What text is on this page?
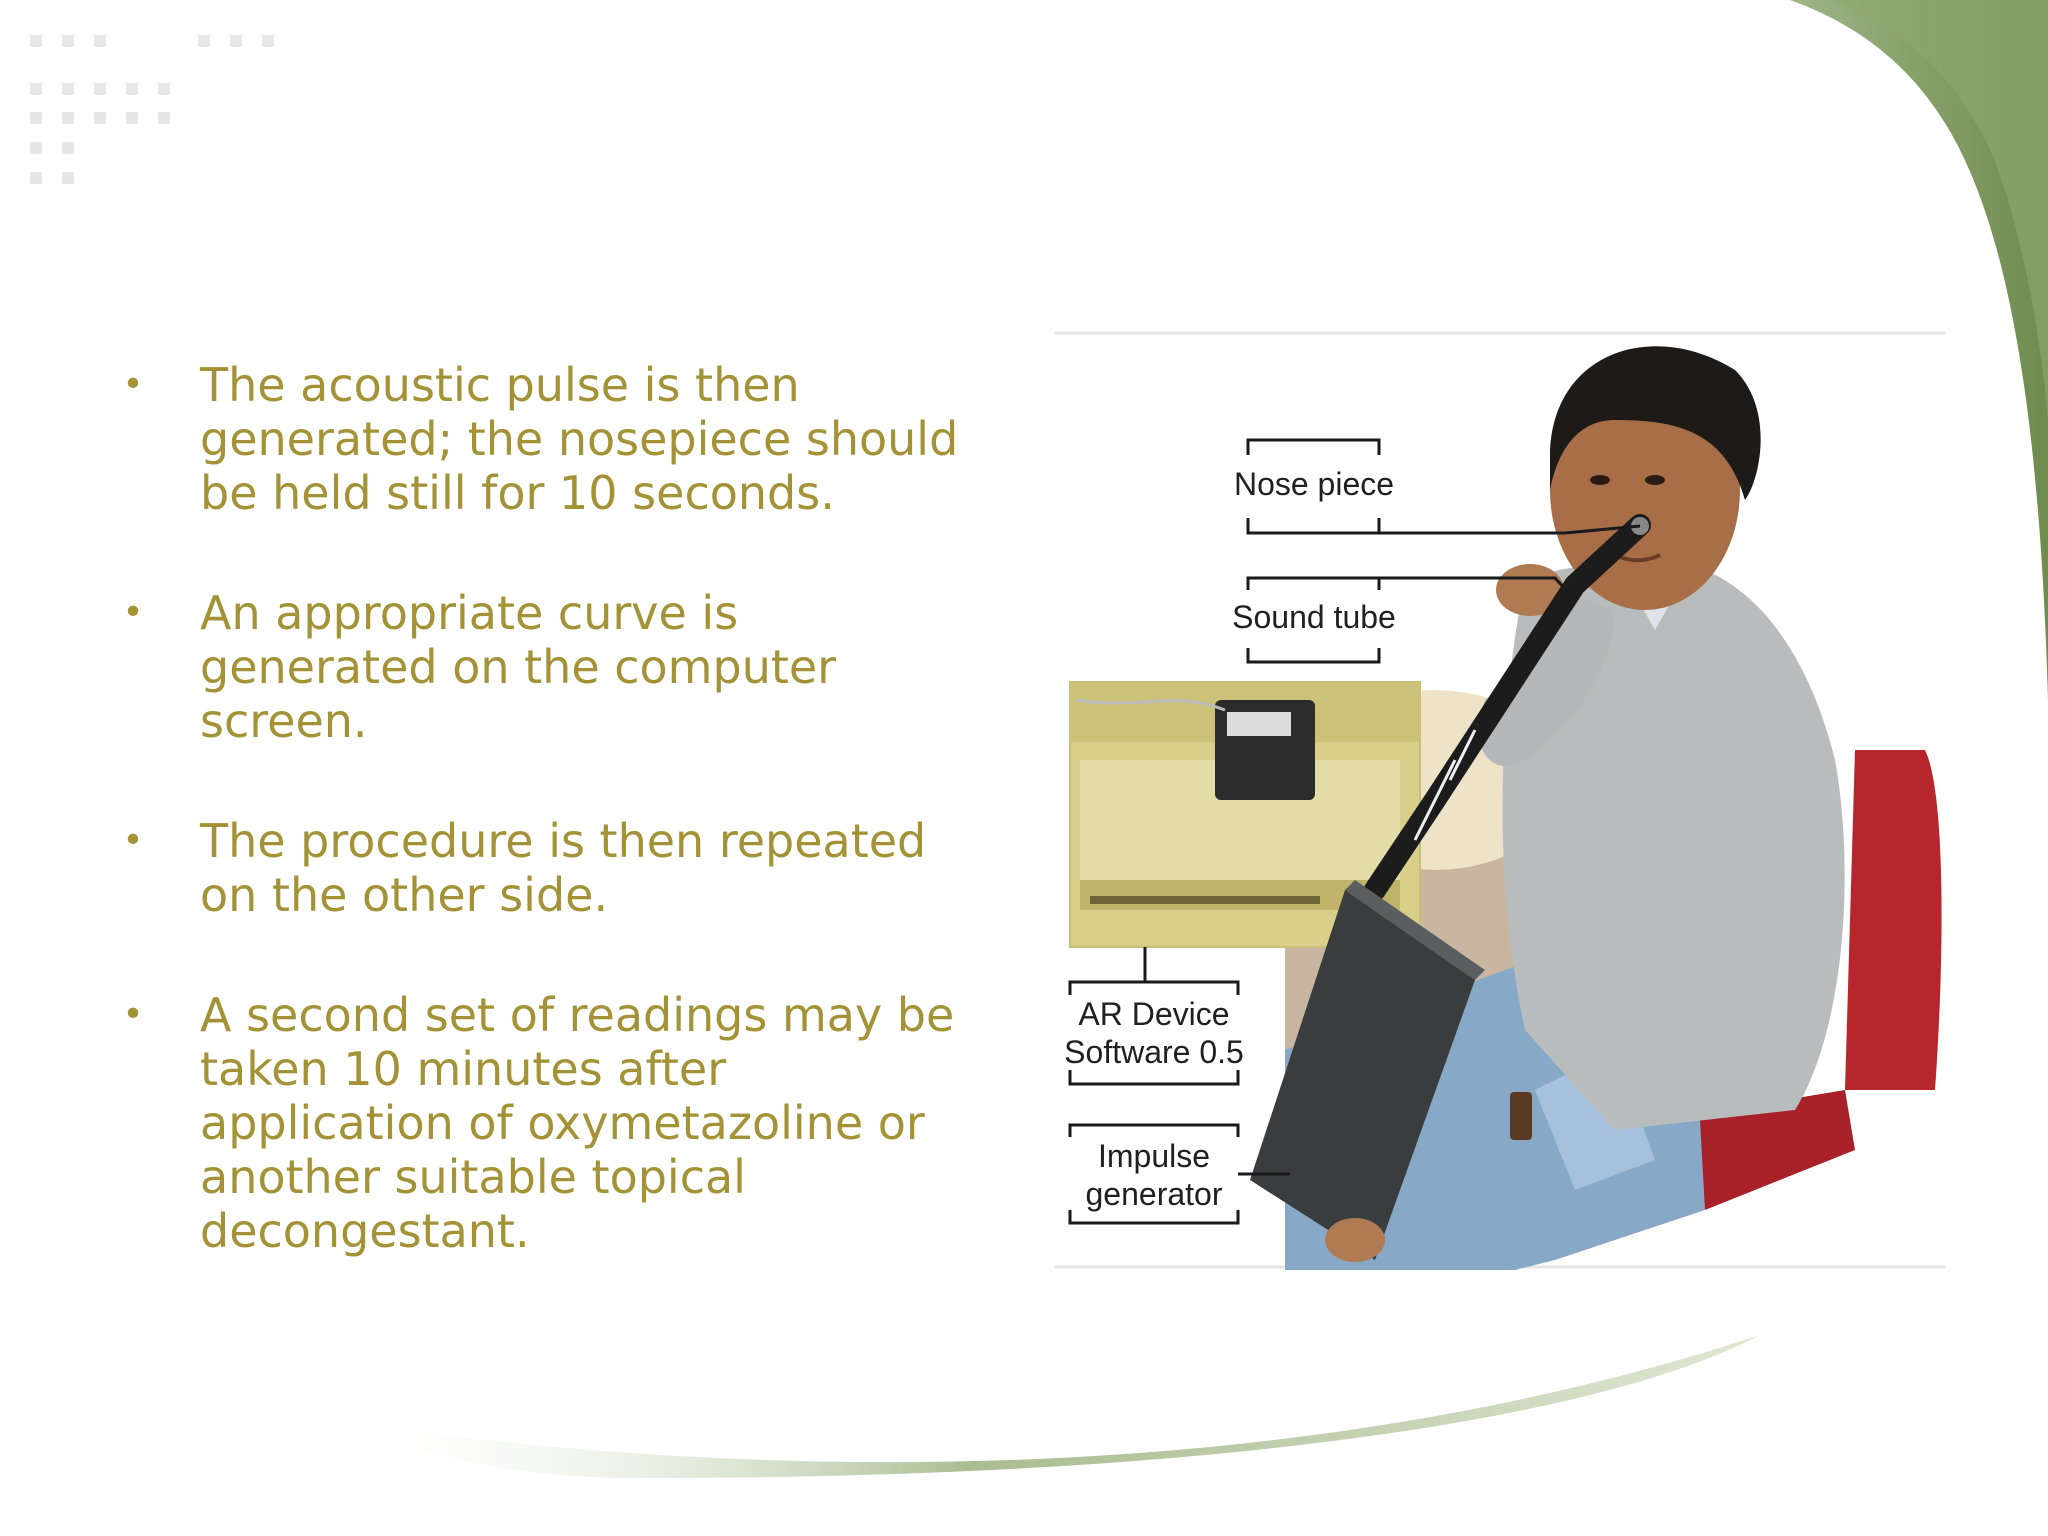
• The acoustic pulse is then generated; the nosepiece should be held still for 10 seconds.
• An appropriate curve is generated on the computer screen.
• The procedure is then repeated on the other side.
• A second set of readings may be taken 10 minutes after application of oxymetazoline or another suitable topical decongestant.
Nose piece
Sound tube
AR Device
Software 0.5
Impulse
generator
